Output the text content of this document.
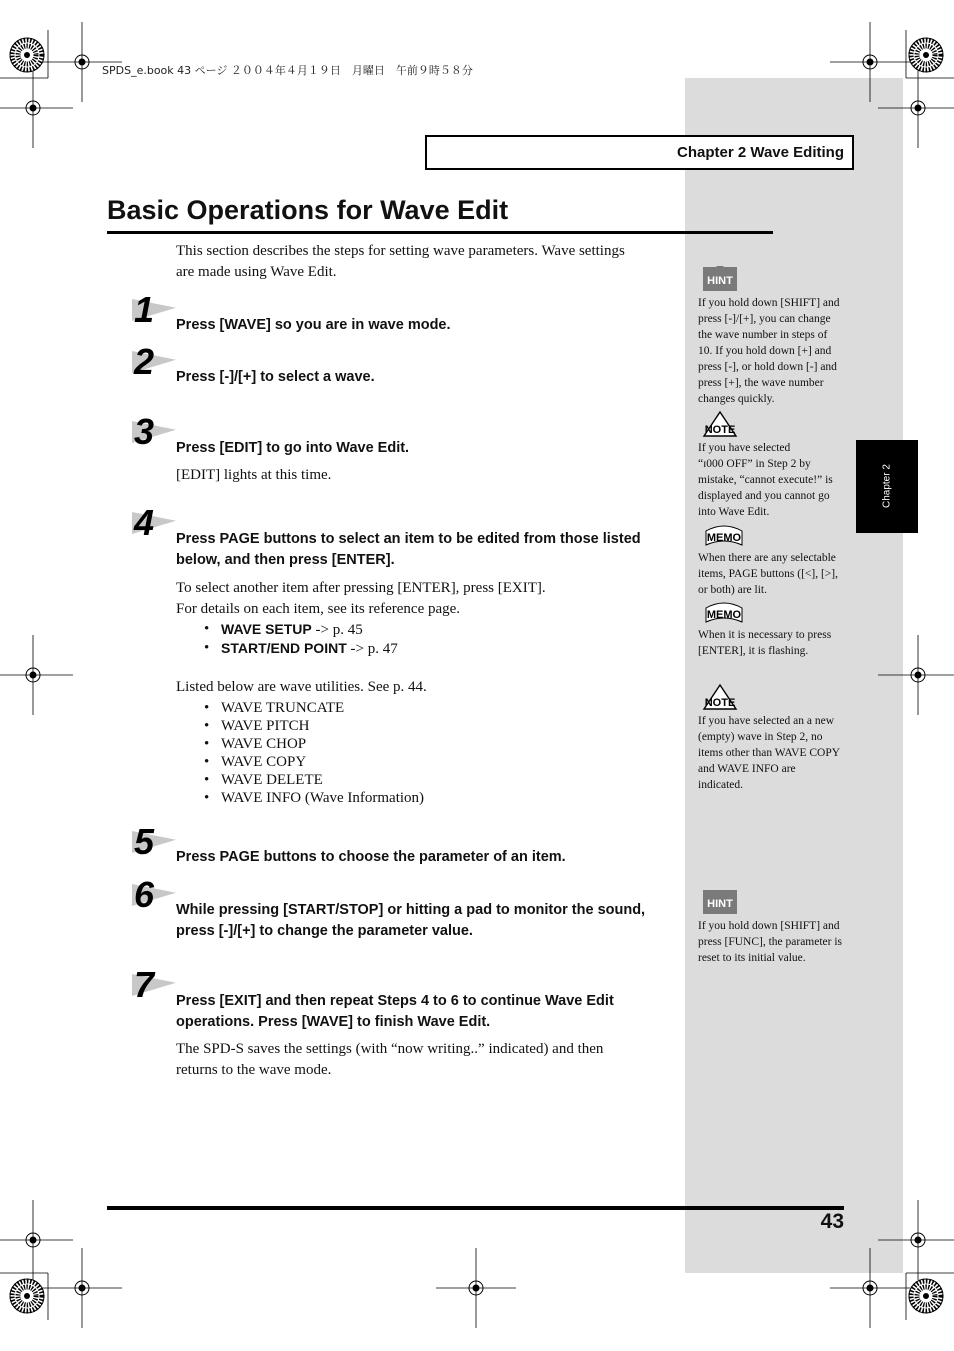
Chapter 2
SPDS_e.book 43 ページ ２００４年４月１９日　月曜日　午前９時５８分
Chapter 2 Wave Editing
Basic Operations for Wave Edit
This section describes the steps for setting wave parameters. Wave settings
are made using Wave Edit.
1 Press [WAVE] so you are in wave mode.
2 Press [-]/[+] to select a wave.
3 Press [EDIT] to go into Wave Edit.
[EDIT] lights at this time.
4 Press PAGE buttons to select an item to be edited from those listed
below, and then press [ENTER].
To select another item after pressing [ENTER], press [EXIT].
For details on each item, see its reference page.
• WAVE SETUP -> p. 45
• START/END POINT -> p. 47
Listed below are wave utilities. See p. 44.
• WAVE TRUNCATE
• WAVE PITCH
• WAVE CHOP
• WAVE COPY
• WAVE DELETE
• WAVE INFO (Wave Information)
5 Press PAGE buttons to choose the parameter of an item.
6 While pressing [START/STOP] or hitting a pad to monitor the sound,
press [-]/[+] to change the parameter value.
7 Press [EXIT] and then repeat Steps 4 to 6 to continue Wave Edit
operations. Press [WAVE] to finish Wave Edit.
The SPD-S saves the settings (with “now writing..” indicated) and then
returns to the wave mode.
HINT
If you hold down [SHIFT] and
press [-]/[+], you can change
the wave number in steps of
10. If you hold down [+] and
press [-], or hold down [-] and
press [+], the wave number
changes quickly.
NOTE
If you have selected
“ɪ000 OFF” in Step 2 by
mistake, “cannot execute!” is
displayed and you cannot go
into Wave Edit.
MEMO
When there are any selectable
items, PAGE buttons ([<], [>],
or both) are lit.
MEMO
When it is necessary to press
[ENTER], it is flashing.
NOTE
If you have selected an a new
(empty) wave in Step 2, no
items other than WAVE COPY
and WAVE INFO are
indicated.
HINT
If you hold down [SHIFT] and
press [FUNC], the parameter is
reset to its initial value.
43
